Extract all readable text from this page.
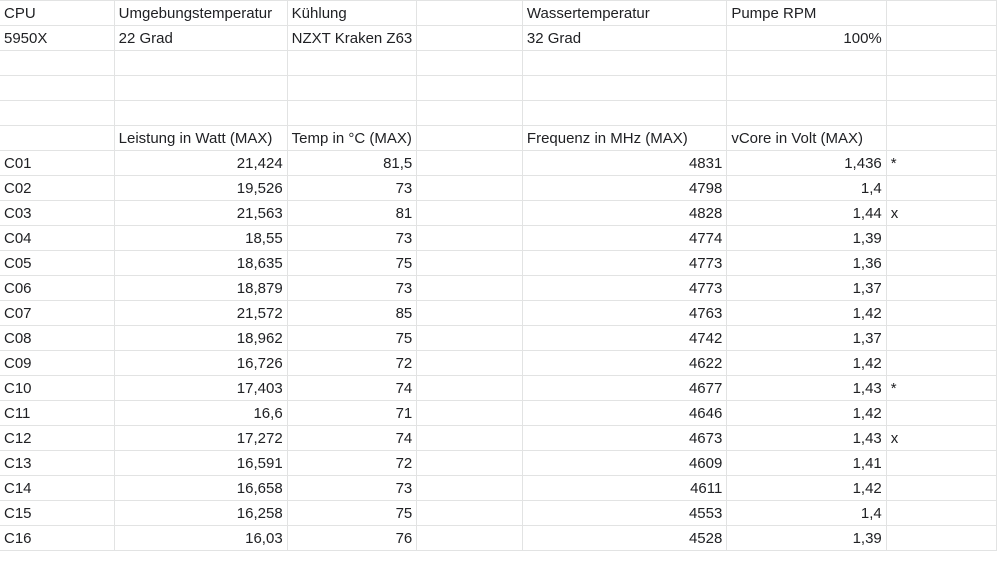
CPU	Umgebungstemperatur	Kühlung		Wassertemperatur	Pumpe RPM	
5950X	22 Grad	NZXT Kraken Z63		32 Grad	100%	

	Leistung in Watt (MAX)	Temp in °C (MAX)		Frequenz in MHz (MAX)	vCore in Volt (MAX)	
C01	21,424	81,5		4831	1,436	*
C02	19,526	73		4798	1,4	
C03	21,563	81		4828	1,44	x
C04	18,55	73		4774	1,39	
C05	18,635	75		4773	1,36	
C06	18,879	73		4773	1,37	
C07	21,572	85		4763	1,42	
C08	18,962	75		4742	1,37	
C09	16,726	72		4622	1,42	
C10	17,403	74		4677	1,43	*
C11	16,6	71		4646	1,42	
C12	17,272	74		4673	1,43	x
C13	16,591	72		4609	1,41	
C14	16,658	73		4611	1,42	
C15	16,258	75		4553	1,4	
C16	16,03	76		4528	1,39	
